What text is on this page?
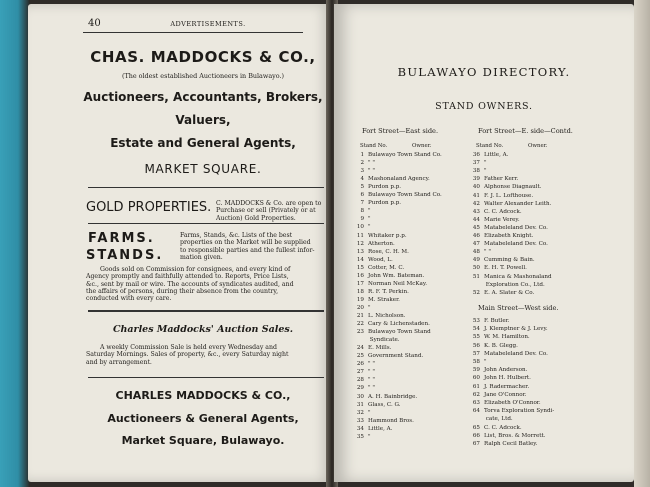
40	ADVERTISEMENTS.
CHAS. MADDOCKS & CO.,
(The oldest established Auctioneers in Bulawayo.)
Auctioneers, Accountants, Brokers,
Valuers,
Estate and General Agents,
MARKET SQUARE.
GOLD PROPERTIES. C. MADDOCKS & Co. are open to
Purchase or sell (Privately or at
Auction) Gold Properties.
FARMS.
STANDS.
Farms, Stands, &c. Lists of the best
properties on the Market will be supplied
to responsible parties and the fullest infor-
mation given.
Goods sold on Commission for consignees, and every kind of
Agency promptly and faithfully attended to. Reports, Price Lists,
&c., sent by mail or wire. The accounts of syndicates audited, and
the affairs of persons, during their absence from the country,
conducted with every care.
Charles Maddocks' Auction Sales.
A weekly Commission Sale is held every Wednesday and
Saturday Mornings. Sales of property, &c., every Saturday night
and by arrangement.
CHARLES MADDOCKS & CO.,
Auctioneers & General Agents,
Market Square, Bulawayo.
BULAWAYO DIRECTORY.
STAND OWNERS.
Fort Street—East side.	Fort Street—E. side—Contd.
Stand No.	Owner.	Stand No.	Owner.
1 Bulawayo Town Stand Co.
2 " "
3 " "
4 Mashonaland Agency.
5 Purdon p.p.
6 Bulawayo Town Stand Co.
7 Purdon p.p.
8 "
9 "
10 "
11 Whitaker p.p.
12 Atherton.
13 Rose, C. H. M.
14 Wood, L.
15 Cotter, M. C.
16 John Wm. Bateman.
17 Norman Neil McKay.
18 R. F. T. Perkin.
19 M. Straker.
20 "
21 L. Nicholson.
22 Cary & Lichenstaden.
23 Bulawayo Town Stand
Syndicate.
24 E. Mills.
25 Government Stand.
26 " "
27 " "
28 " "
29 " "
30 A. H. Bainbridge.
31 Glass, C. G.
32 "
33 Hammond Bros.
34 Little, A.
35 "
36 Little, A.
37 "
38 "
39 Father Kerr.
40 Alphonse Diagnault.
41 F. J. L. Lofthouse.
42 Walter Alexander Leith.
43 C. C. Adcock.
44 Marie Verey.
45 Matabeleland Dev. Co.
46 Elizabeth Knight.
47 Matabeleland Dev. Co.
48 " "
49 Cumming & Bain.
50 E. H. T. Powell.
51 Manica & Mashonaland
Exploration Co., Ltd.
52 E. A. Slater & Co.
Main Street—West side.
53 F. Butler.
54 J. Klemptner & J. Levy.
55 W. M. Hamilton.
56 K. B. Glegg.
57 Matabeleland Dev. Co.
58 "
59 John Anderson.
60 John H. Hulbert.
61 J. Radermacher.
62 Jane O'Connor.
63 Elizabeth O'Connor.
64 Torva Exploration Syndi-
cate, Ltd.
65 C. C. Adcock.
66 List, Bros. & Morrett.
67 Ralph Cecil Batley.
